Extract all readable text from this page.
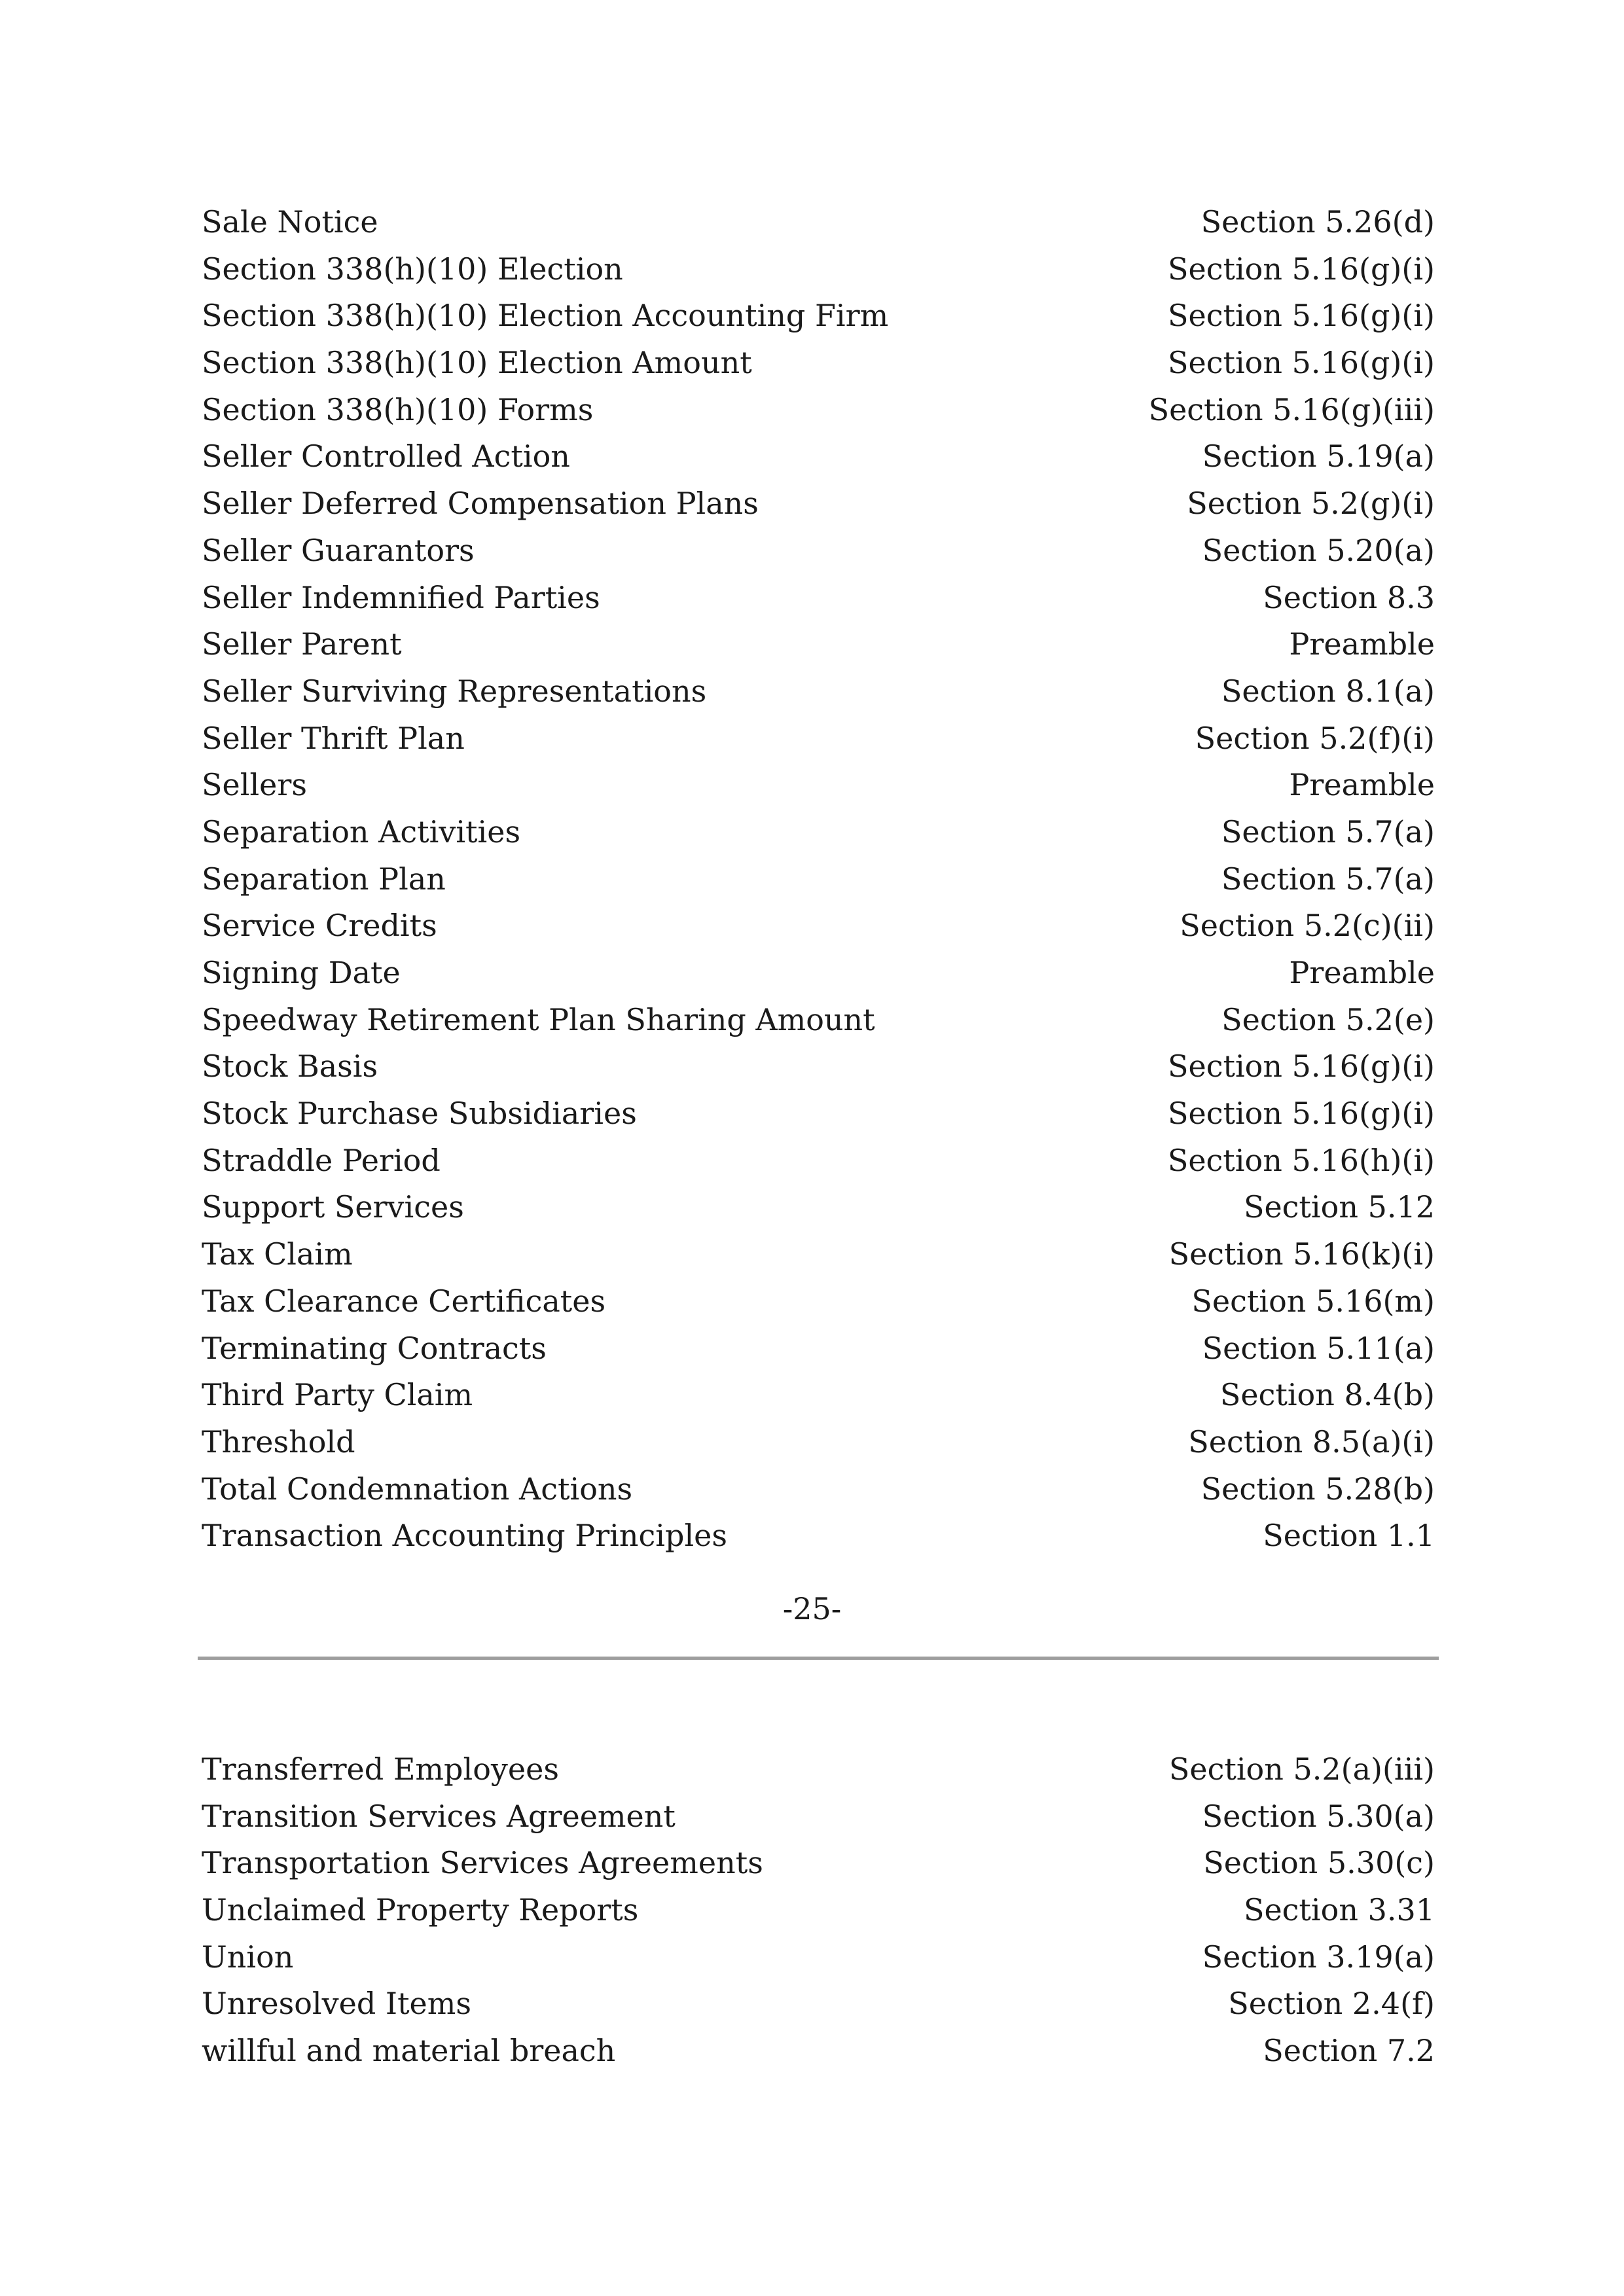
Sale Notice	Section 5.26(d)
Section 338(h)(10) Election	Section 5.16(g)(i)
Section 338(h)(10) Election Accounting Firm	Section 5.16(g)(i)
Section 338(h)(10) Election Amount	Section 5.16(g)(i)
Section 338(h)(10) Forms	Section 5.16(g)(iii)
Seller Controlled Action	Section 5.19(a)
Seller Deferred Compensation Plans	Section 5.2(g)(i)
Seller Guarantors	Section 5.20(a)
Seller Indemnified Parties	Section 8.3
Seller Parent	Preamble
Seller Surviving Representations	Section 8.1(a)
Seller Thrift Plan	Section 5.2(f)(i)
Sellers	Preamble
Separation Activities	Section 5.7(a)
Separation Plan	Section 5.7(a)
Service Credits	Section 5.2(c)(ii)
Signing Date	Preamble
Speedway Retirement Plan Sharing Amount	Section 5.2(e)
Stock Basis	Section 5.16(g)(i)
Stock Purchase Subsidiaries	Section 5.16(g)(i)
Straddle Period	Section 5.16(h)(i)
Support Services	Section 5.12
Tax Claim	Section 5.16(k)(i)
Tax Clearance Certificates	Section 5.16(m)
Terminating Contracts	Section 5.11(a)
Third Party Claim	Section 8.4(b)
Threshold	Section 8.5(a)(i)
Total Condemnation Actions	Section 5.28(b)
Transaction Accounting Principles	Section 1.1
-25-
Transferred Employees	Section 5.2(a)(iii)
Transition Services Agreement	Section 5.30(a)
Transportation Services Agreements	Section 5.30(c)
Unclaimed Property Reports	Section 3.31
Union	Section 3.19(a)
Unresolved Items	Section 2.4(f)
willful and material breach	Section 7.2
